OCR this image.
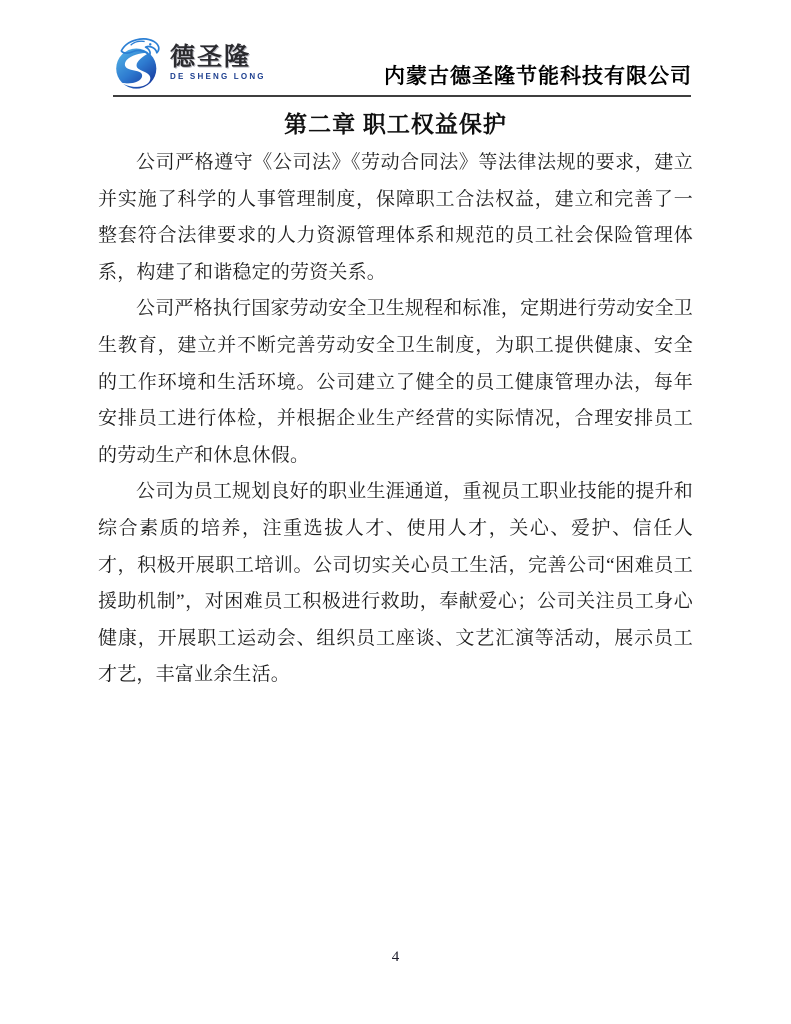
德圣隆
DE SHENG LONG	内蒙古德圣隆节能科技有限公司
第二章 职工权益保护

公司严格遵守《公司法》《劳动合同法》等法律法规的要求，建立并实施了科学的人事管理制度，保障职工合法权益，建立和完善了一整套符合法律要求的人力资源管理体系和规范的员工社会保险管理体系，构建了和谐稳定的劳资关系。

公司严格执行国家劳动安全卫生规程和标准，定期进行劳动安全卫生教育，建立并不断完善劳动安全卫生制度，为职工提供健康、安全的工作环境和生活环境。公司建立了健全的员工健康管理办法，每年安排员工进行体检，并根据企业生产经营的实际情况，合理安排员工的劳动生产和休息休假。

公司为员工规划良好的职业生涯通道，重视员工职业技能的提升和综合素质的培养，注重选拔人才、使用人才，关心、爱护、信任人才，积极开展职工培训。公司切实关心员工生活，完善公司“困难员工援助机制”，对困难员工积极进行救助，奉献爱心；公司关注员工身心健康，开展职工运动会、组织员工座谈、文艺汇演等活动，展示员工才艺，丰富业余生活。

4
